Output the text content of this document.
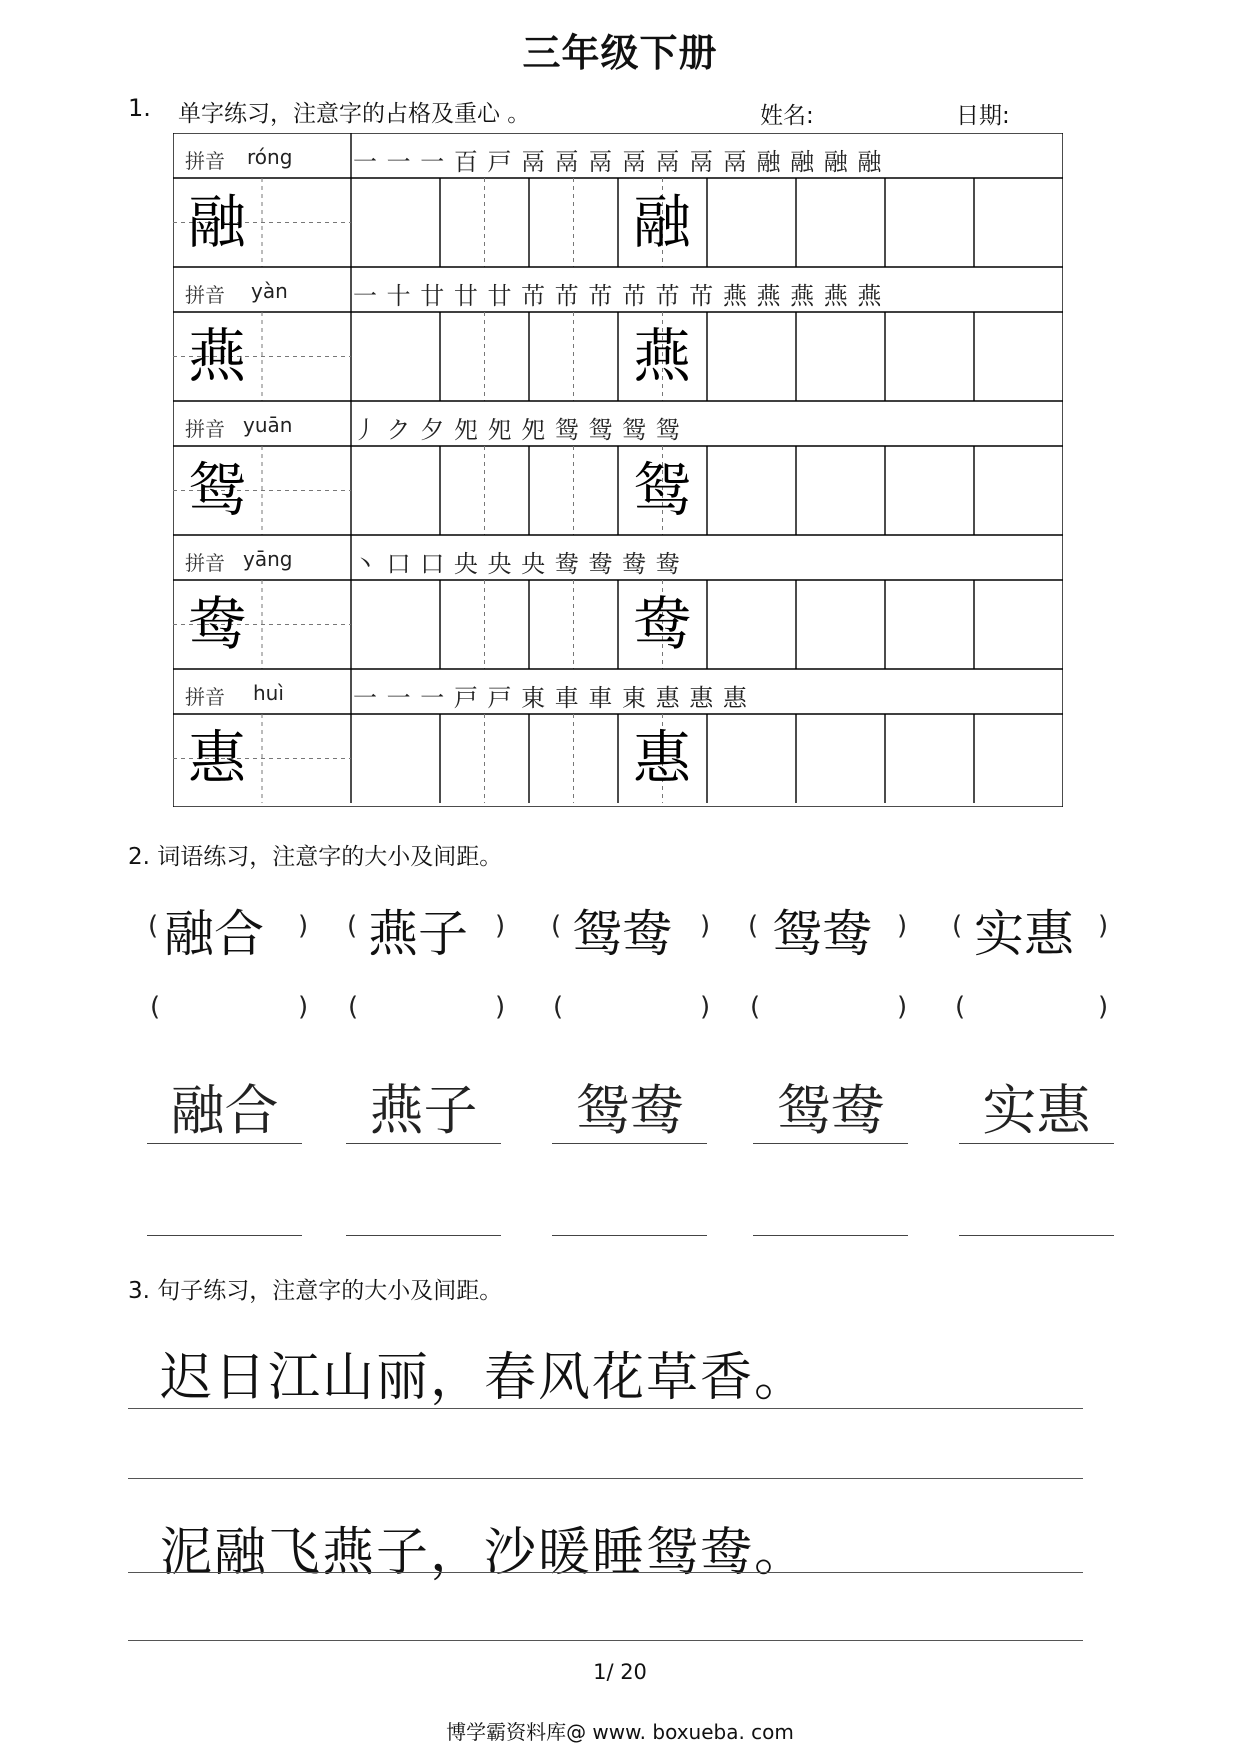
三年级下册
1. 单字练习，注意字的占格及重心 。	姓名:	日期:
拼音 róng	一 一 一 百 戸 鬲 鬲 鬲 鬲 鬲 鬲 鬲 融 融 融 融
融	融
拼音 yàn	一 十 廿 廿 廿 芇 芇 芇 芇 芇 芇 燕 燕 燕 燕 燕
燕	燕
拼音 yuān	丿 ク 夕 夗 夗 夗 鸳 鸳 鸳 鸳
鸳	鸳
拼音 yāng	丶 口 口 央 央 央 鸯 鸯 鸯 鸯
鸯	鸯
拼音 huì	一 一 一 戸 戸 東 車 車 東 惠 惠 惠
惠	惠
2. 词语练习，注意字的大小及间距。
( 融合 ) ( 燕子 ) ( 鸳鸯 ) ( 鸳鸯 ) ( 实惠 )
(	) (	) (	) (	) (	)
融合	燕子	鸳鸯	鸳鸯	实惠
3. 句子练习，注意字的大小及间距。
迟日江山丽，春风花草香。
泥融飞燕子，沙暖睡鸳鸯。
1/ 20
博学霸资料库@ www. boxueba. com
